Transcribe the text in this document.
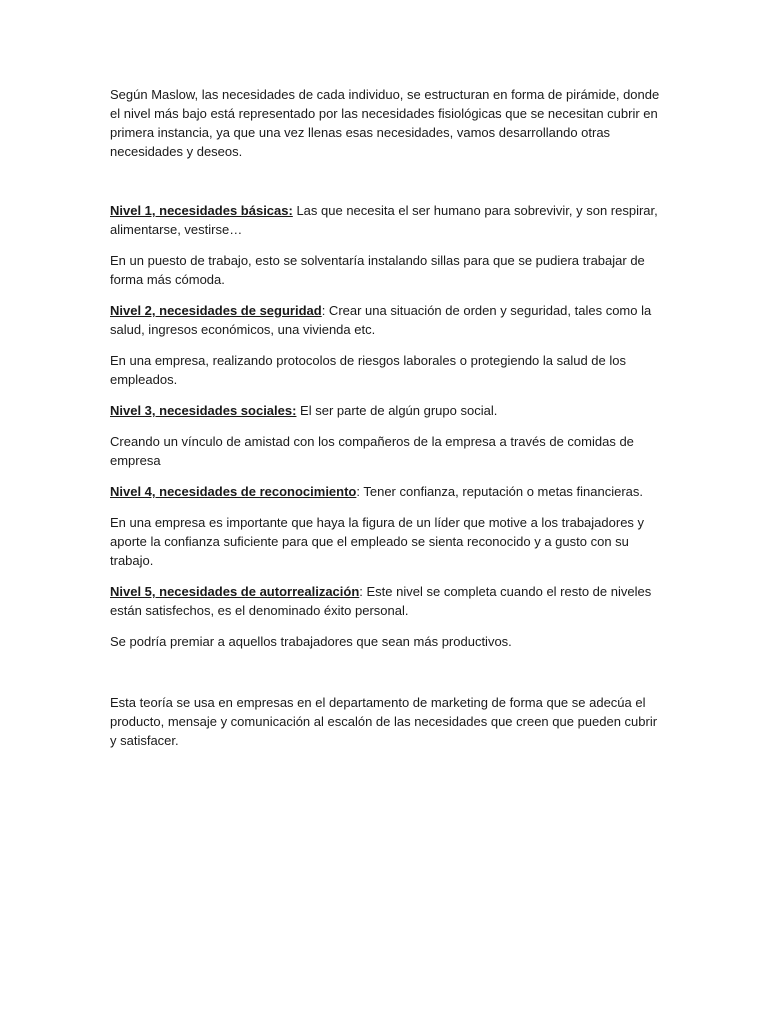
Según Maslow, las necesidades de cada individuo, se estructuran en forma de pirámide, donde el nivel más bajo está representado por las necesidades fisiológicas que se necesitan cubrir en primera instancia, ya que una vez llenas esas necesidades, vamos desarrollando otras necesidades y deseos.

Nivel 1, necesidades básicas: Las que necesita el ser humano para sobrevivir, y son respirar, alimentarse, vestirse…

En un puesto de trabajo, esto se solventaría instalando sillas para que se pudiera trabajar de forma más cómoda.

Nivel 2, necesidades de seguridad: Crear una situación de orden y seguridad, tales como la salud, ingresos económicos, una vivienda etc.

En una empresa, realizando protocolos de riesgos laborales o protegiendo la salud de los empleados.

Nivel 3, necesidades sociales: El ser parte de algún grupo social.

Creando un vínculo de amistad con los compañeros de la empresa a través de comidas de empresa

Nivel 4, necesidades de reconocimiento: Tener confianza, reputación o metas financieras.

En una empresa es importante que haya la figura de un líder que motive a los trabajadores y aporte la confianza suficiente para que el empleado se sienta reconocido y a gusto con su trabajo.

Nivel 5, necesidades de autorrealización: Este nivel se completa cuando el resto de niveles están satisfechos, es el denominado éxito personal.

Se podría premiar a aquellos trabajadores que sean más productivos.

Esta teoría se usa en empresas en el departamento de marketing de forma que se adecúa el producto, mensaje y comunicación al escalón de las necesidades que creen que pueden cubrir y satisfacer.
